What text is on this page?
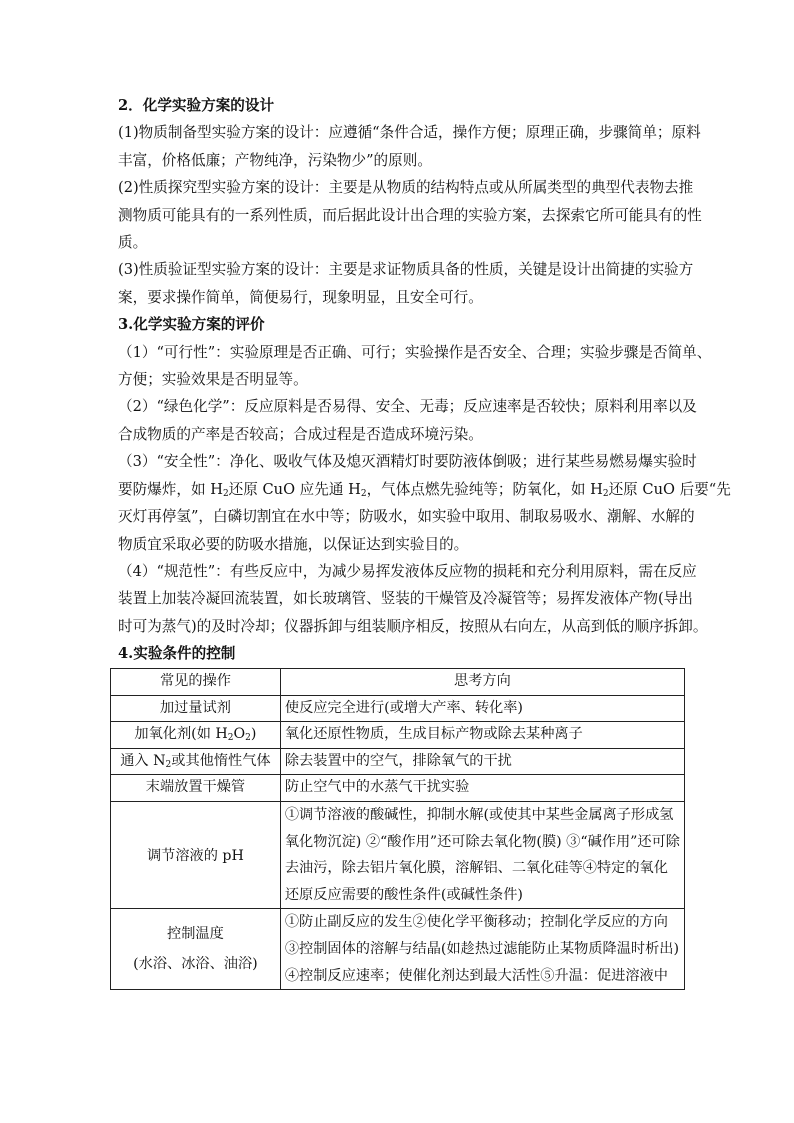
2．化学实验方案的设计
(1)物质制备型实验方案的设计：应遵循“条件合适，操作方便；原理正确，步骤简单；原料
丰富，价格低廉；产物纯净，污染物少”的原则。
(2)性质探究型实验方案的设计：主要是从物质的结构特点或从所属类型的典型代表物去推
测物质可能具有的一系列性质，而后据此设计出合理的实验方案，去探索它所可能具有的性
质。
(3)性质验证型实验方案的设计：主要是求证物质具备的性质，关键是设计出简捷的实验方
案，要求操作简单，简便易行，现象明显，且安全可行。
3.化学实验方案的评价
（1）“可行性”：实验原理是否正确、可行；实验操作是否安全、合理；实验步骤是否简单、
方便；实验效果是否明显等。
（2）“绿色化学”：反应原料是否易得、安全、无毒；反应速率是否较快；原料利用率以及
合成物质的产率是否较高；合成过程是否造成环境污染。
（3）“安全性”：净化、吸收气体及熄灭酒精灯时要防液体倒吸；进行某些易燃易爆实验时
要防爆炸，如 $H_2$还原 CuO 应先通 $H_2$，气体点燃先验纯等；防氧化，如 $H_2$还原 CuO 后要“先
灭灯再停氢”，白磷切割宜在水中等；防吸水，如实验中取用、制取易吸水、潮解、水解的
物质宜采取必要的防吸水措施，以保证达到实验目的。
（4）“规范性”：有些反应中，为减少易挥发液体反应物的损耗和充分利用原料，需在反应
装置上加装冷凝回流装置，如长玻璃管、竖装的干燥管及冷凝管等；易挥发液体产物(导出
时可为蒸气)的及时冷却；仪器拆卸与组装顺序相反，按照从右向左，从高到低的顺序拆卸。
4.实验条件的控制
常见的操作	思考方向
加过量试剂	使反应完全进行(或增大产率、转化率)
加氧化剂(如 $H_2O_2$)	氧化还原性物质，生成目标产物或除去某种离子
通入 $N_2$或其他惰性气体	除去装置中的空气，排除氧气的干扰
末端放置干燥管	防止空气中的水蒸气干扰实验
调节溶液的 pH	①调节溶液的酸碱性，抑制水解(或使其中某些金属离子形成氢
氧化物沉淀) ②“酸作用”还可除去氧化物(膜) ③“碱作用”还可除
去油污，除去铝片氧化膜，溶解铝、二氧化硅等④特定的氧化
还原反应需要的酸性条件(或碱性条件)

控制温度
(水浴、冰浴、油浴)	①防止副反应的发生②使化学平衡移动；控制化学反应的方向
③控制固体的溶解与结晶(如趁热过滤能防止某物质降温时析出)
④控制反应速率；使催化剂达到最大活性⑤升温：促进溶液中
